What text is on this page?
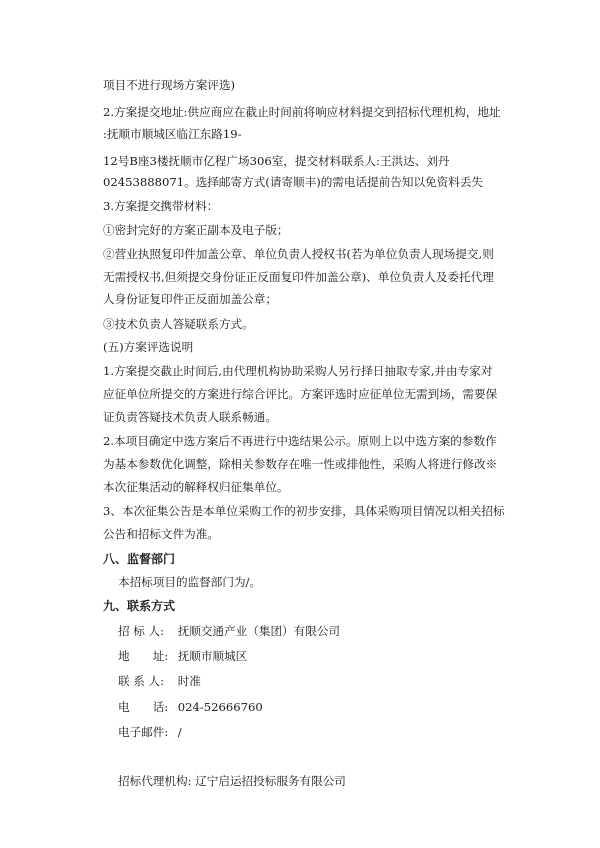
项目不进行现场方案评选)
2.方案提交地址:供应商应在截止时间前将响应材料提交到招标代理机构，地址
:抚顺市顺城区临江东路19-
12号B座3楼抚顺市亿程广场306室，提交材料联系人:王洪达、刘丹
02453888071。选择邮寄方式(请寄顺丰)的需电话提前告知以免资料丢失
3.方案提交携带材料：
①密封完好的方案正副本及电子版；
②营业执照复印件加盖公章、单位负责人授权书(若为单位负责人现场提交,则
无需授权书,但须提交身份证正反面复印件加盖公章)、单位负责人及委托代理
人身份证复印件正反面加盖公章；
③技术负责人答疑联系方式。
(五)方案评选说明
1.方案提交截止时间后,由代理机构协助采购人另行择日抽取专家,并由专家对
应征单位所提交的方案进行综合评比。方案评选时应征单位无需到场，需要保
证负责答疑技术负责人联系畅通。
2.本项目确定中选方案后不再进行中选结果公示。原则上以中选方案的参数作
为基本参数优化调整，除相关参数存在唯一性或排他性，采购人将进行修改※
本次征集活动的解释权归征集单位。
3、本次征集公告是本单位采购工作的初步安排，具体采购项目情况以相关招标
公告和招标文件为准。
八、监督部门
本招标项目的监督部门为/。
九、联系方式
招 标 人: 抚顺交通产业（集团）有限公司
地　　址: 抚顺市顺城区
联 系 人: 时准
电　　话: 024-52666760
电子邮件: /
招标代理机构: 辽宁启运招投标服务有限公司
